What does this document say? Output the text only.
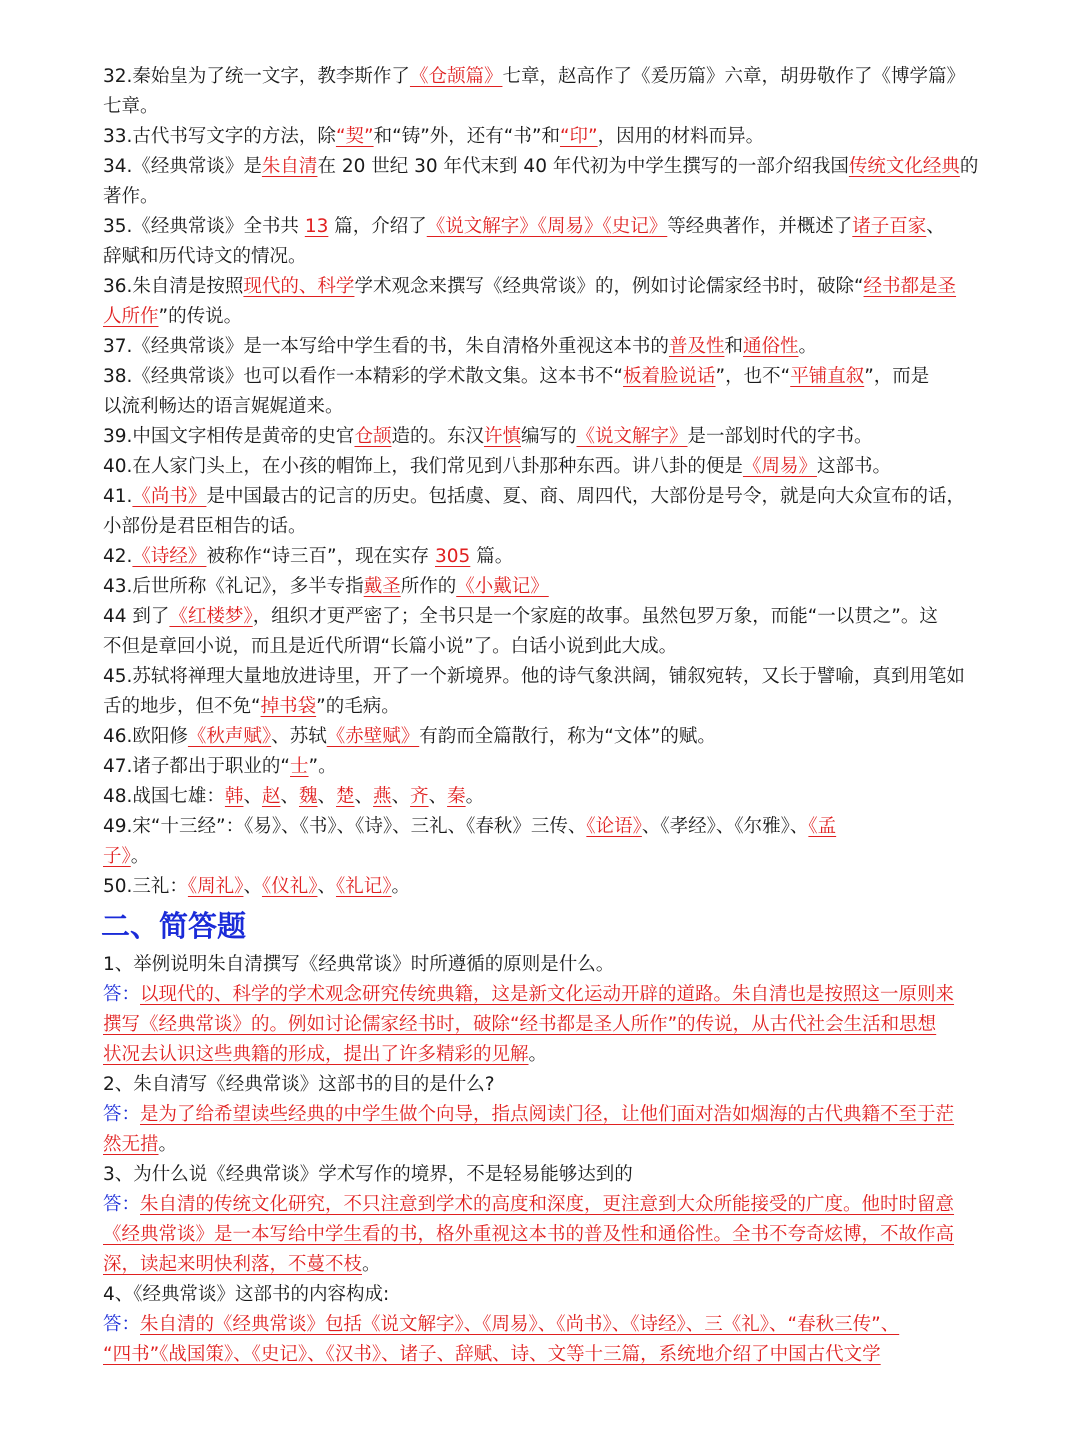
32.秦始皇为了统一文字，教李斯作了《仓颉篇》七章，赵高作了《爰历篇》六章，胡毋敬作了《博学篇》
七章。
33.古代书写文字的方法，除“契”和“铸”外，还有“书”和“印”，因用的材料而异。
34.《经典常谈》是朱自清在 20 世纪 30 年代末到 40 年代初为中学生撰写的一部介绍我国传统文化经典的
著作。
35.《经典常谈》全书共 13 篇，介绍了《说文解字》《周易》《史记》等经典著作，并概述了诸子百家、
辞赋和历代诗文的情况。
36.朱自清是按照现代的、科学学术观念来撰写《经典常谈》的，例如讨论儒家经书时，破除“经书都是圣
人所作”的传说。
37.《经典常谈》是一本写给中学生看的书，朱自清格外重视这本书的普及性和通俗性。
38.《经典常谈》也可以看作一本精彩的学术散文集。这本书不“板着脸说话”，也不“平铺直叙”，而是
以流利畅达的语言娓娓道来。
39.中国文字相传是黄帝的史官仓颉造的。东汉许慎编写的《说文解字》是一部划时代的字书。
40.在人家门头上，在小孩的帽饰上，我们常见到八卦那种东西。讲八卦的便是《周易》这部书。
41.《尚书》是中国最古的记言的历史。包括虞、夏、商、周四代，大部份是号令，就是向大众宣布的话，
小部份是君臣相告的话。
42.《诗经》被称作“诗三百”，现在实存 305 篇。
43.后世所称《礼记》，多半专指戴圣所作的《小戴记》
44 到了《红楼梦》，组织才更严密了；全书只是一个家庭的故事。虽然包罗万象，而能“一以贯之”。这
不但是章回小说，而且是近代所谓“长篇小说”了。白话小说到此大成。
45.苏轼将禅理大量地放进诗里，开了一个新境界。他的诗气象洪阔，铺叙宛转，又长于譬喻，真到用笔如
舌的地步，但不免“掉书袋”的毛病。
46.欧阳修《秋声赋》、苏轼《赤壁赋》有韵而全篇散行，称为“文体”的赋。
47.诸子都出于职业的“士”。
48.战国七雄：韩、赵、魏、楚、燕、齐、秦。
49.宋“十三经”：《易》、《书》、《诗》、三礼、《春秋》三传、《论语》、《孝经》、《尔雅》、《孟
子》。
50.三礼：《周礼》、《仪礼》、《礼记》。
二、简答题
1、举例说明朱自清撰写《经典常谈》时所遵循的原则是什么。
答：以现代的、科学的学术观念研究传统典籍，这是新文化运动开辟的道路。朱自清也是按照这一原则来
撰写《经典常谈》的。例如讨论儒家经书时，破除“经书都是圣人所作”的传说，从古代社会生活和思想
状况去认识这些典籍的形成，提出了许多精彩的见解。
2、朱自清写《经典常谈》这部书的目的是什么?
答：是为了给希望读些经典的中学生做个向导，指点阅读门径，让他们面对浩如烟海的古代典籍不至于茫
然无措。
3、为什么说《经典常谈》学术写作的境界，不是轻易能够达到的
答：朱自清的传统文化研究，不只注意到学术的高度和深度，更注意到大众所能接受的广度。他时时留意
《经典常谈》是一本写给中学生看的书，格外重视这本书的普及性和通俗性。全书不夸奇炫博，不故作高
深，读起来明快利落，不蔓不枝。
4、《经典常谈》这部书的内容构成:
答：朱自清的《经典常谈》包括《说文解字》、《周易》、《尚书》、《诗经》、三《礼》、“春秋三传”、
“四书”《战国策》、《史记》、《汉书》、诸子、辞赋、诗、文等十三篇，系统地介绍了中国古代文学
